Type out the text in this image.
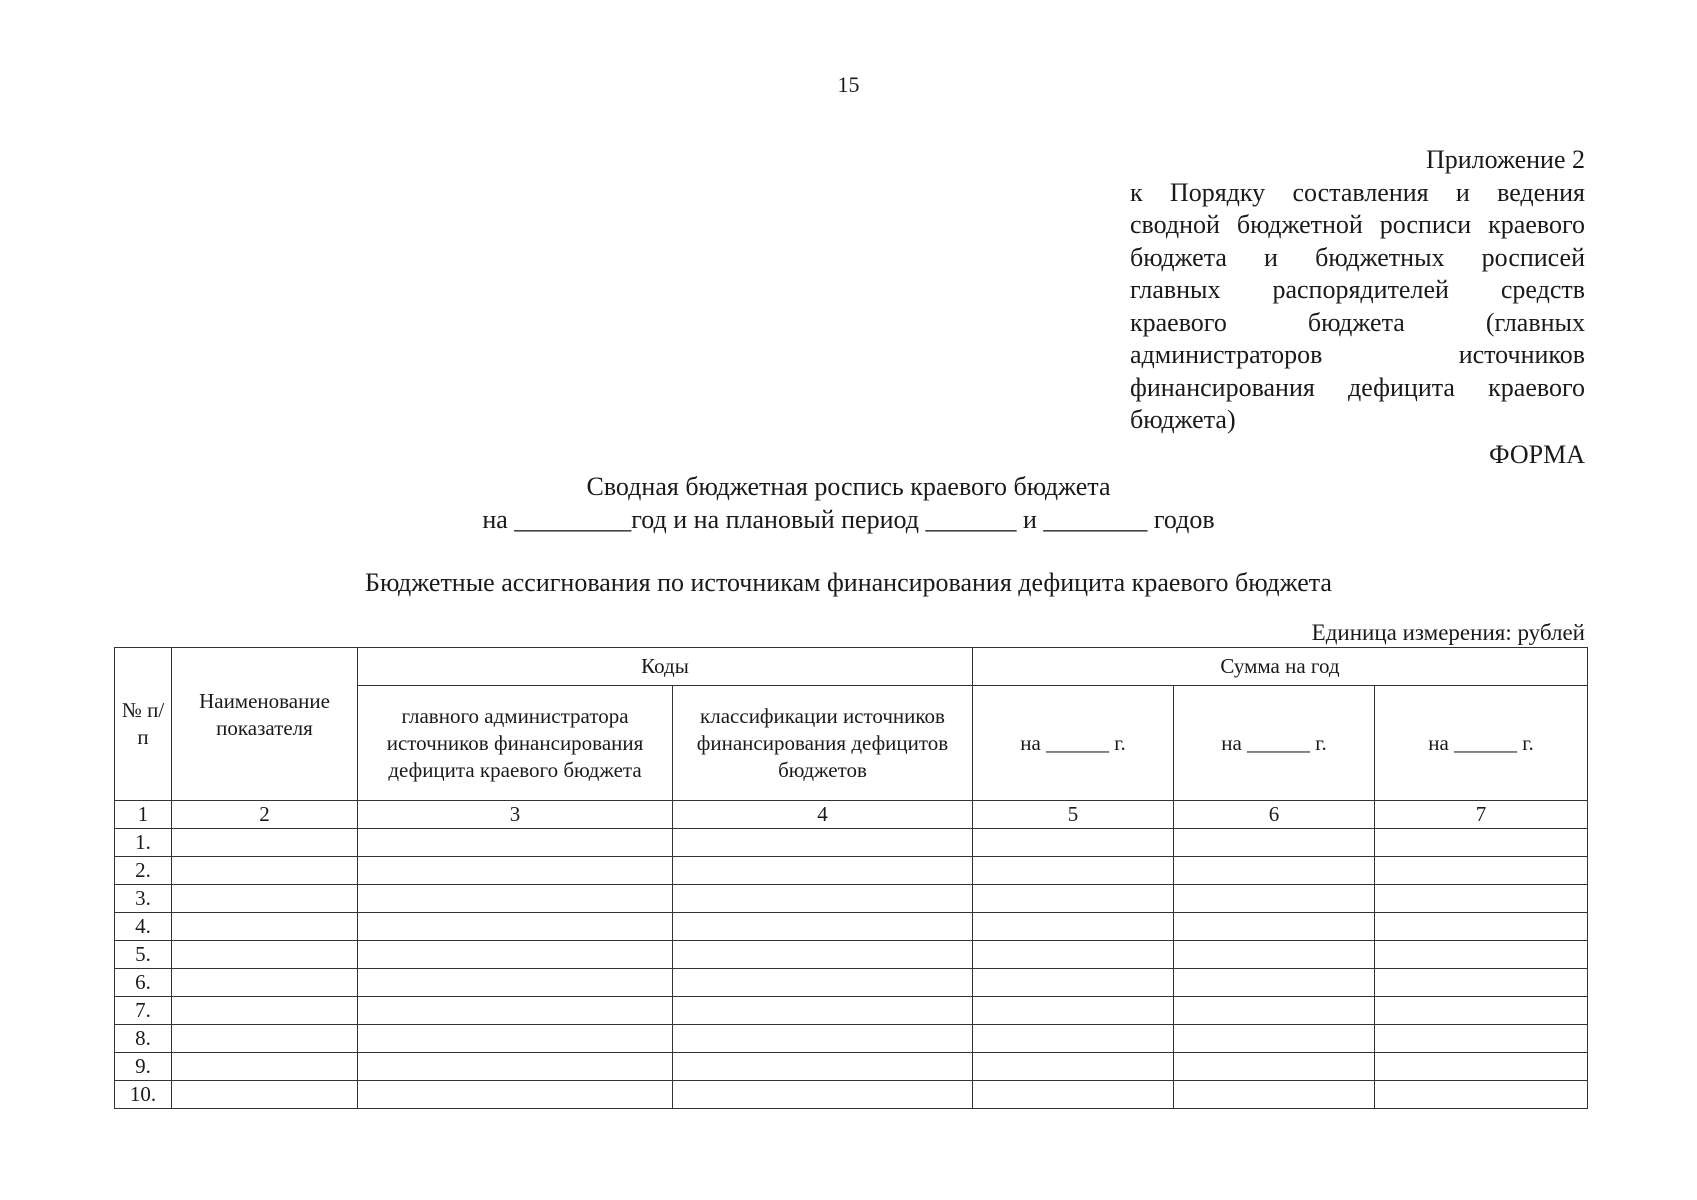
15
Приложение 2
к Порядку составления и ведения сводной бюджетной росписи краевого бюджета и бюджетных росписей главных распорядителей средств краевого бюджета (главных администраторов источников финансирования дефицита краевого бюджета)
ФОРМА
Сводная бюджетная роспись краевого бюджета
на _________год и на плановый период _______ и ________ годов
Бюджетные ассигнования по источникам финансирования дефицита краевого бюджета
Единица измерения: рублей
№ п/п	Наименование показателя	Коды		Сумма на год		
		главного администратора источников финансирования дефицита краевого бюджета	классификации источников финансирования дефицитов бюджетов	на ______ г.	на ______ г.	на ______ г.
1	2	3	4	5	6	7
1.						
2.						
3.						
4.						
5.						
6.						
7.						
8.						
9.						
10.						
